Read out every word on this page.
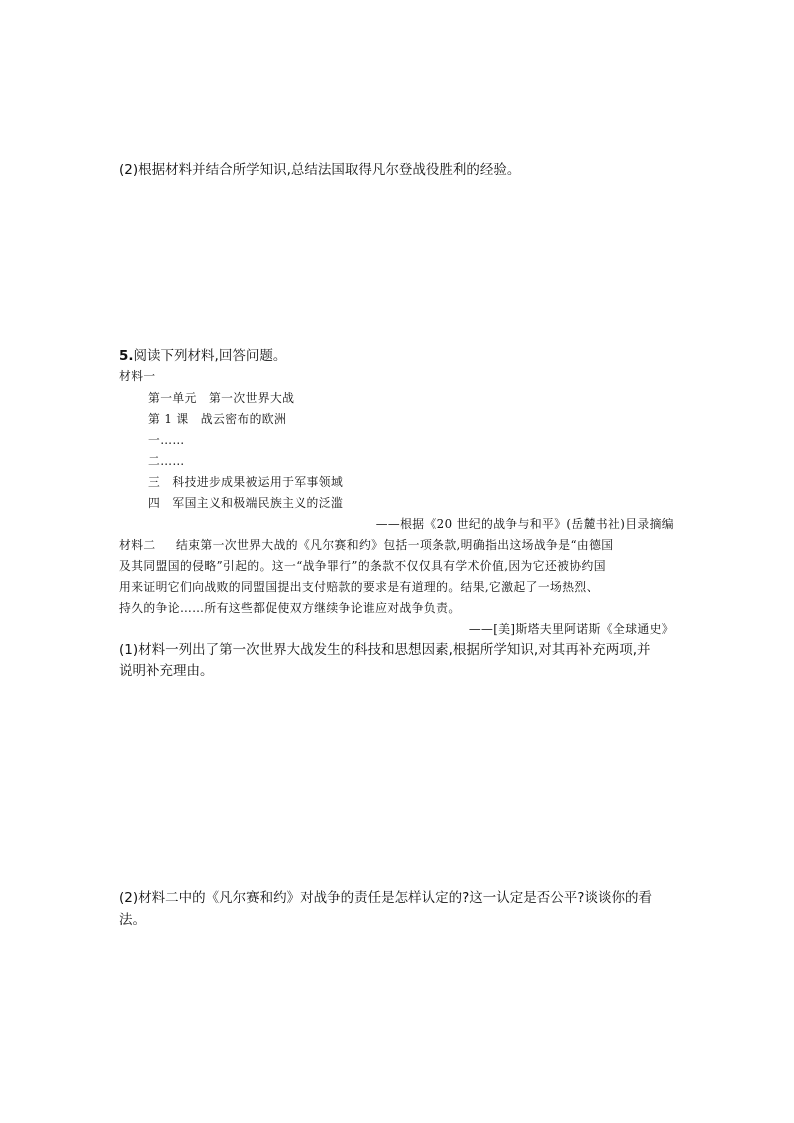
(2)根据材料并结合所学知识,总结法国取得凡尔登战役胜利的经验。
5.阅读下列材料,回答问题。
材料一
第一单元　第一次世界大战
第 1 课　战云密布的欧洲
一……
二……
三　科技进步成果被运用于军事领域
四　军国主义和极端民族主义的泛滥
——根据《20 世纪的战争与和平》(岳麓书社)目录摘编
材料二 结束第一次世界大战的《凡尔赛和约》包括一项条款,明确指出这场战争是“由德国
及其同盟国的侵略”引起的。这一“战争罪行”的条款不仅仅具有学术价值,因为它还被协约国
用来证明它们向战败的同盟国提出支付赔款的要求是有道理的。结果,它激起了一场热烈、
持久的争论……所有这些都促使双方继续争论谁应对战争负责。
——[美]斯塔夫里阿诺斯《全球通史》
(1)材料一列出了第一次世界大战发生的科技和思想因素,根据所学知识,对其再补充两项,并
说明补充理由。
(2)材料二中的《凡尔赛和约》对战争的责任是怎样认定的?这一认定是否公平?谈谈你的看
法。
